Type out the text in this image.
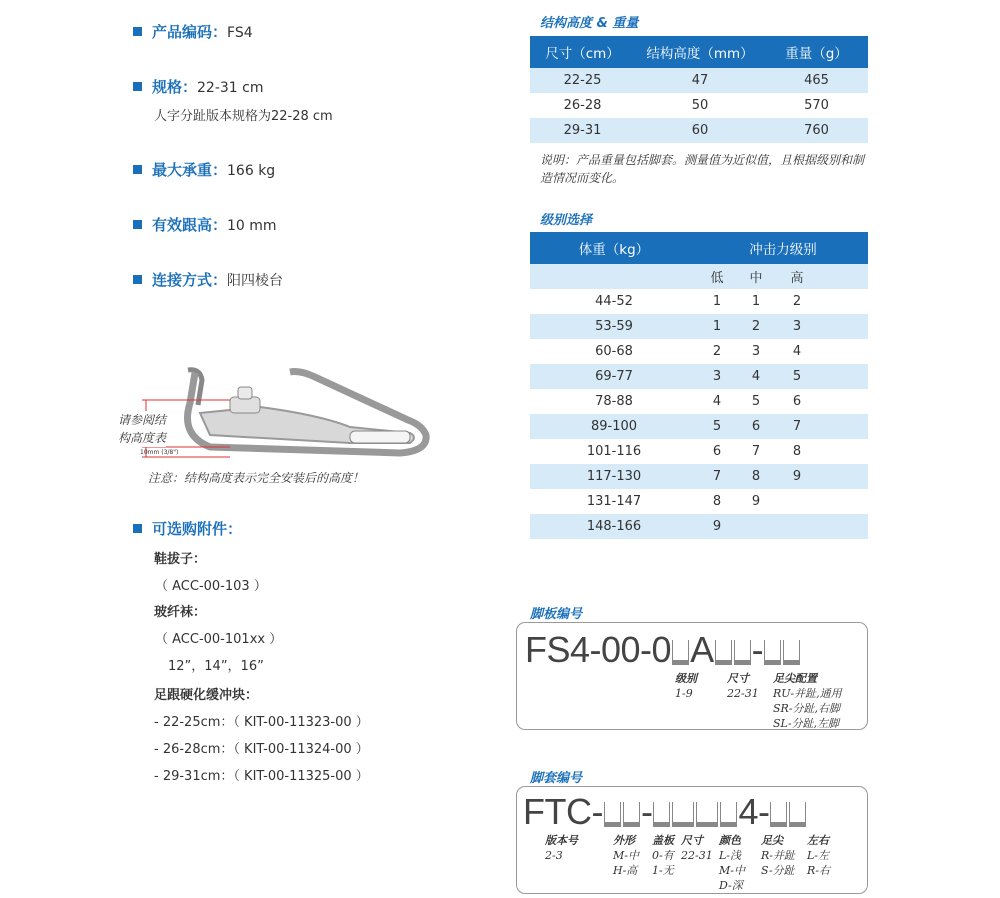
产品编码：FS4
规格：22-31 cm
人字分趾版本规格为22-28 cm
最大承重：166 kg
有效跟高：10 mm
连接方式：阳四棱台
请参阅结
构高度表
10mm (3/8")
注意：结构高度表示完全安装后的高度！
可选购附件：
鞋拔子：
（ ACC-00-103 ）
玻纤袜：
（ ACC-00-101xx ）
12”，14”，16”
足跟硬化缓冲块：
- 22-25cm：（ KIT-00-11323-00 ）
- 26-28cm：（ KIT-00-11324-00 ）
- 29-31cm：（ KIT-00-11325-00 ）
结构高度 & 重量
尺寸（cm）	结构高度（mm）	重量（g）
22-25	47	465
26-28	50	570
29-31	60	760
说明：产品重量包括脚套。测量值为近似值，且根据级别和制造情况而变化。
级别选择
体重（kg）	冲击力级别			
	低	中	高	
44-52	1	1	2	
53-59	1	2	3	
60-68	2	3	4	
69-77	3	4	5	
78-88	4	5	6	
89-100	5	6	7	
101-116	6	7	8	
117-130	7	8	9	
131-147	8	9		
148-166	9			
脚板编号
FS4-00-0 A -
级别
1-9
尺寸
22-31
足尖配置
RU-并趾,通用
SR-分趾,右脚
SL-分趾,左脚
脚套编号
FTC- - 4-
版本号
2-3
外形
M-中
H-高
盖板
0-有
1-无
尺寸
22-31
颜色
L-浅
M-中
D-深
足尖
R-并趾
S-分趾
左右
L-左
R-右
